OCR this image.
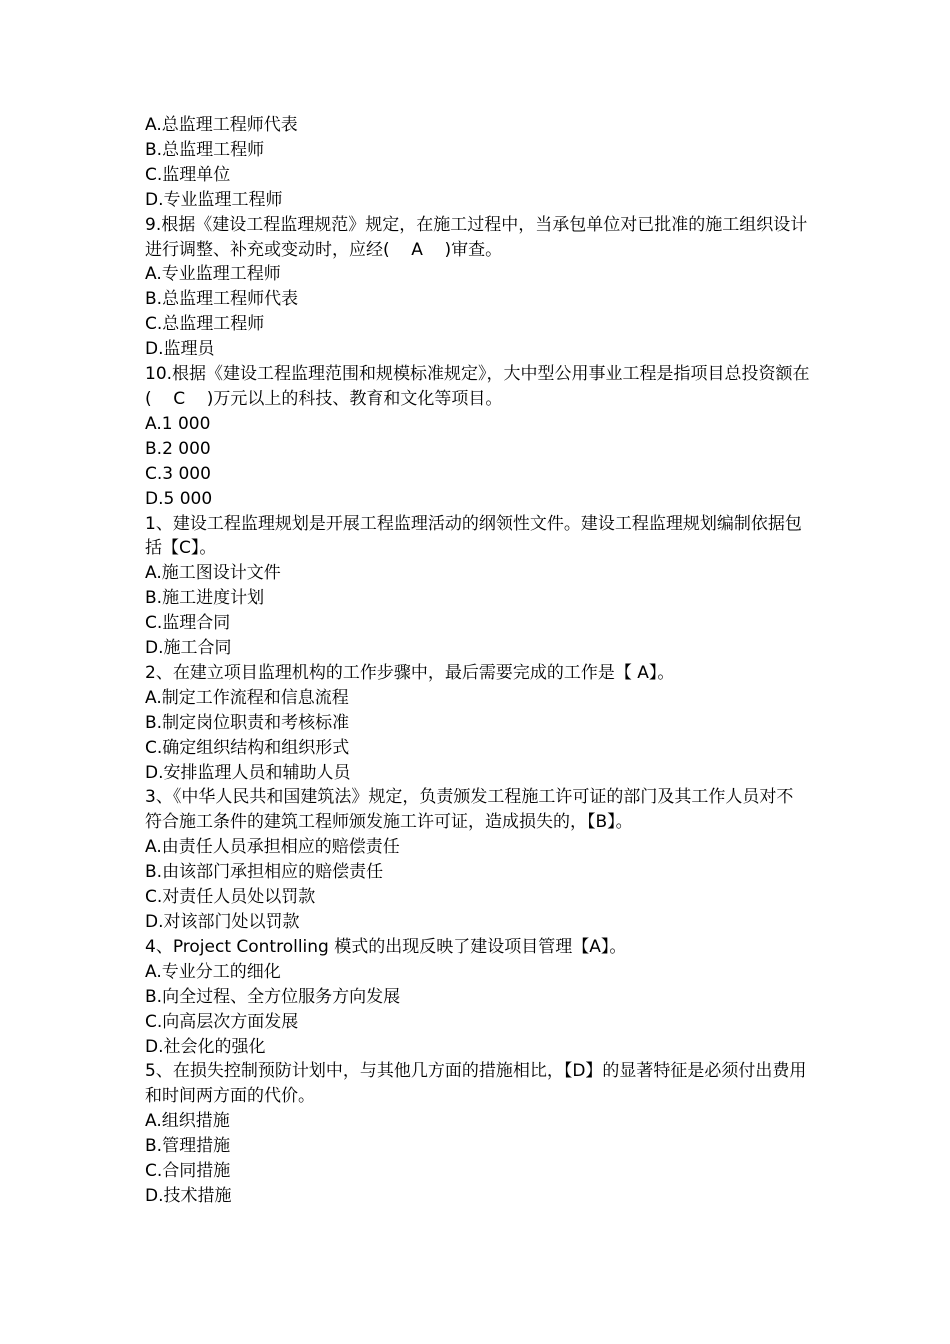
A.总监理工程师代表

B.总监理工程师

C.监理单位

D.专业监理工程师

9.根据《建设工程监理规范》规定，在施工过程中，当承包单位对已批准的施工组织设计进行调整、补充或变动时，应经(    A    )审查。

A.专业监理工程师

B.总监理工程师代表

C.总监理工程师

D.监理员

10.根据《建设工程监理范围和规模标准规定》，大中型公用事业工程是指项目总投资额在(    C    )万元以上的科技、教育和文化等项目。

A.1 000

B.2 000

C.3 000

D.5 000

1、建设工程监理规划是开展工程监理活动的纲领性文件。建设工程监理规划编制依据包括【C】。

A.施工图设计文件

B.施工进度计划

C.监理合同

D.施工合同

2、在建立项目监理机构的工作步骤中，最后需要完成的工作是【 A】。

A.制定工作流程和信息流程

B.制定岗位职责和考核标准

C.确定组织结构和组织形式

D.安排监理人员和辅助人员

3、《中华人民共和国建筑法》规定，负责颁发工程施工许可证的部门及其工作人员对不符合施工条件的建筑工程师颁发施工许可证，造成损失的，【B】。

A.由责任人员承担相应的赔偿责任

B.由该部门承担相应的赔偿责任

C.对责任人员处以罚款

D.对该部门处以罚款

4、Project Controlling 模式的出现反映了建设项目管理【A】。

A.专业分工的细化

B.向全过程、全方位服务方向发展

C.向高层次方面发展

D.社会化的强化

5、在损失控制预防计划中，与其他几方面的措施相比，【D】的显著特征是必须付出费用和时间两方面的代价。

A.组织措施

B.管理措施

C.合同措施

D.技术措施
